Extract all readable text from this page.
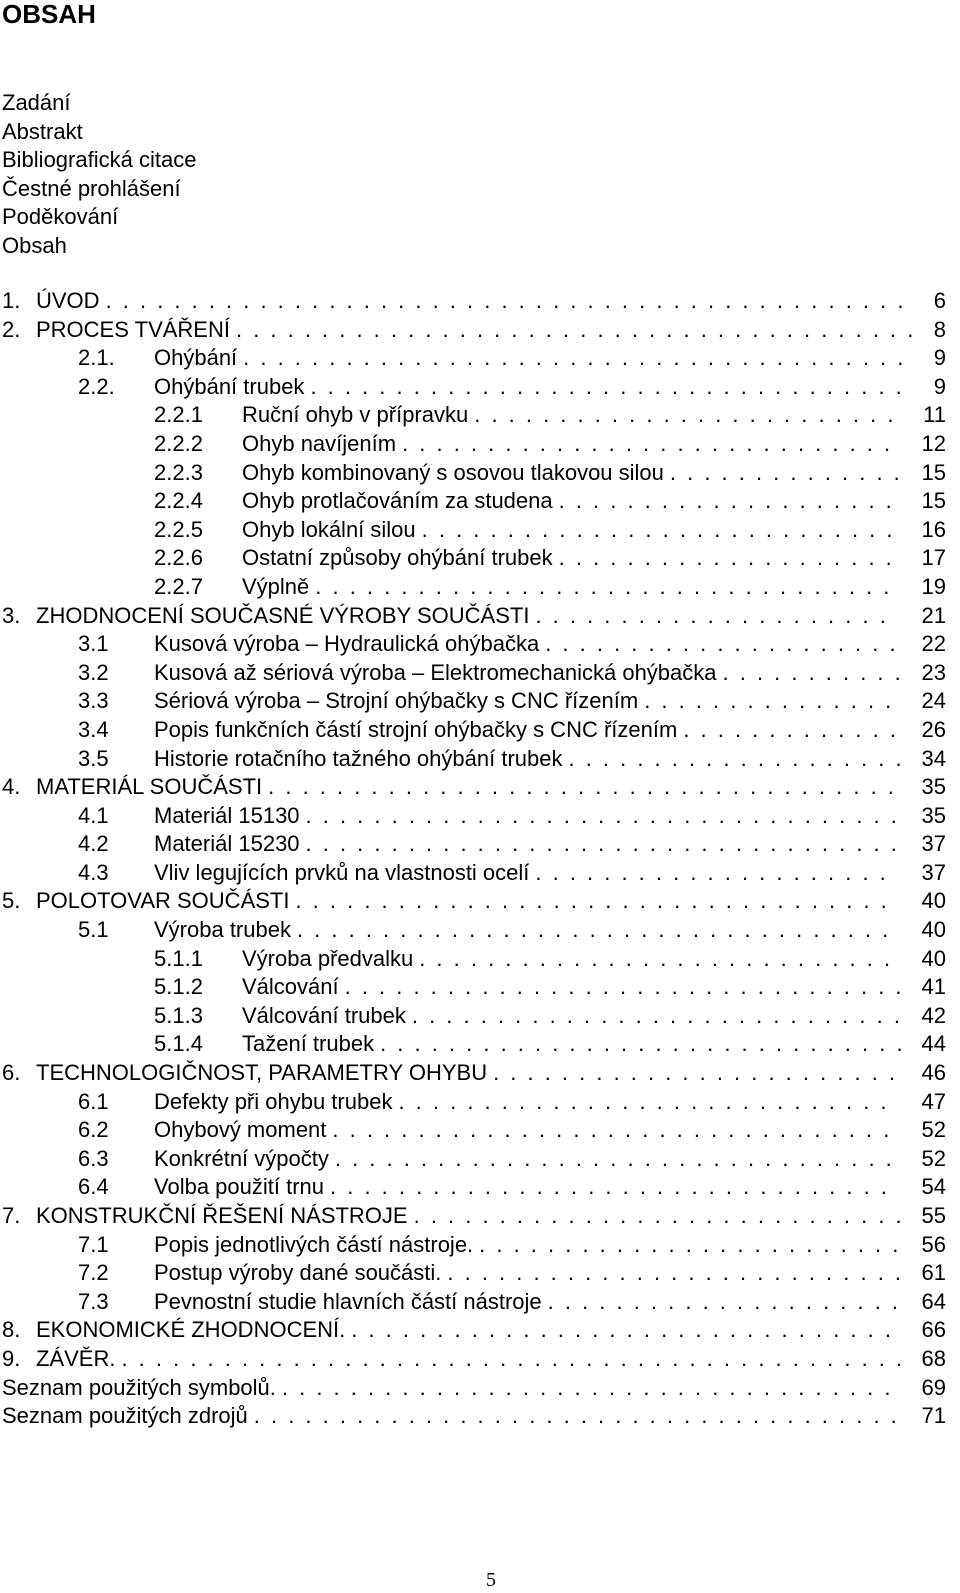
OBSAH
Zadání
Abstrakt
Bibliografická citace
Čestné prohlášení
Poděkování
Obsah
1. ÚVOD	6
...............................................
2. PROCES TVÁŘENÍ	8
........................................
2.1. Ohýbání	9
.......................................
2.2. Ohýbání trubek	9
...................................
2.2.1 Ruční ohyb v přípravku	11
.........................
2.2.2 Ohyb navíjením	12
.............................
2.2.3 Ohyb kombinovaný s osovou tlakovou silou	15
..............
2.2.4 Ohyb protlačováním za studena	15
....................
2.2.5 Ohyb lokální silou	16
............................
2.2.6 Ostatní způsoby ohýbání trubek	17
....................
2.2.7 Výplně	19
..................................
3. ZHODNOCENÍ SOUČASNÉ VÝROBY SOUČÁSTI	21
.....................
3.1 Kusová výroba – Hydraulická ohýbačka	22
.....................
3.2 Kusová až sériová výroba – Elektromechanická ohýbačka	23
...........
3.3 Sériová výroba – Strojní ohýbačky s CNC řízením	24
...............
3.4 Popis funkčních částí strojní ohýbačky s CNC řízením	26
.............
3.5 Historie rotačního tažného ohýbání trubek	34
....................
4. MATERIÁL SOUČÁSTI	35
.....................................
4.1 Materiál 15130	35
...................................
4.2 Materiál 15230	37
...................................
4.3 Vliv legujících prvků na vlastnosti ocelí	37
.....................
5. POLOTOVAR SOUČÁSTI	40
...................................
5.1 Výroba trubek	40
...................................
5.1.1 Výroba předvalku	40
............................
5.1.2 Válcování	41
.................................
5.1.3 Válcování trubek	42
.............................
5.1.4 Tažení trubek	44
...............................
6. TECHNOLOGIČNOST, PARAMETRY OHYBU	46
........................
6.1 Defekty při ohybu trubek	47
.............................
6.2 Ohybový moment	52
.................................
6.3 Konkrétní výpočty	52
.................................
6.4 Volba použití trnu	54
.................................
7. KONSTRUKČNÍ ŘEŠENÍ NÁSTROJE	55
.............................
7.1 Popis jednotlivých částí nástroje.	56
.........................
7.2 Postup výroby dané součásti.	61
...........................
7.3 Pevnostní studie hlavních částí nástroje	64
.....................
8. EKONOMICKÉ ZHODNOCENÍ.	66
................................
9. ZÁVĚR.	68
..............................................
Seznam použitých symbolů.	69
....................................
Seznam použitých zdrojů	71
......................................
5
